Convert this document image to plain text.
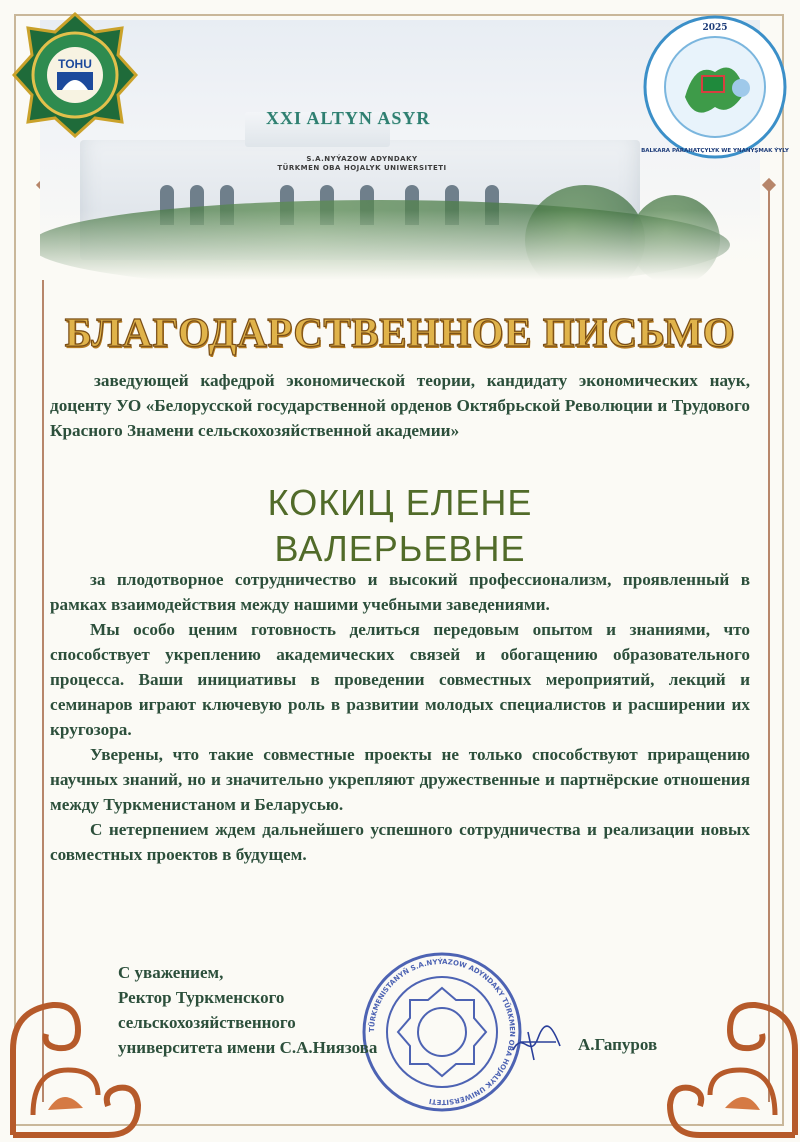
XXI ALTYN ASYR
S.A.NYÝAZOW ADYNDAKY
TÜRKMEN OBA HOJALYK UNIWERSITETI
TOHU
2025
BALKARA PARAHATÇYLYK WE YNANYŞMAK ÝYLY
БЛАГОДАРСТВЕННОЕ ПИСЬМО
заведующей кафедрой экономической теории, кандидату экономических наук, доценту УО «Белорусской государственной орденов Октябрьской Революции и Трудового Красного Знамени сельскохозяйственной академии»
КОКИЦ ЕЛЕНЕ
ВАЛЕРЬЕВНЕ

за плодотворное сотрудничество и высокий профессионализм, проявленный в рамках взаимодействия между нашими учебными заведениями.

Мы особо ценим готовность делиться передовым опытом и знаниями, что способствует укреплению академических связей и обогащению образовательного процесса. Ваши инициативы в проведении совместных мероприятий, лекций и семинаров играют ключевую роль в развитии молодых специалистов и расширении их кругозора.

Уверены, что такие совместные проекты не только способствуют приращению научных знаний, но и значительно укрепляют дружественные и партнёрские отношения между Туркменистаном и Беларусью.

С нетерпением ждем дальнейшего успешного сотрудничества и реализации новых совместных проектов в будущем.

TÜRKMENISTANYŇ S.A.NYÝAZOW ADYNDAKY TÜRKMEN OBA HOJALYK UNIWERSITETI
С уважением,
Ректор Туркменского
сельскохозяйственного
университета имени С.А.Ниязова	А.Гапуров
